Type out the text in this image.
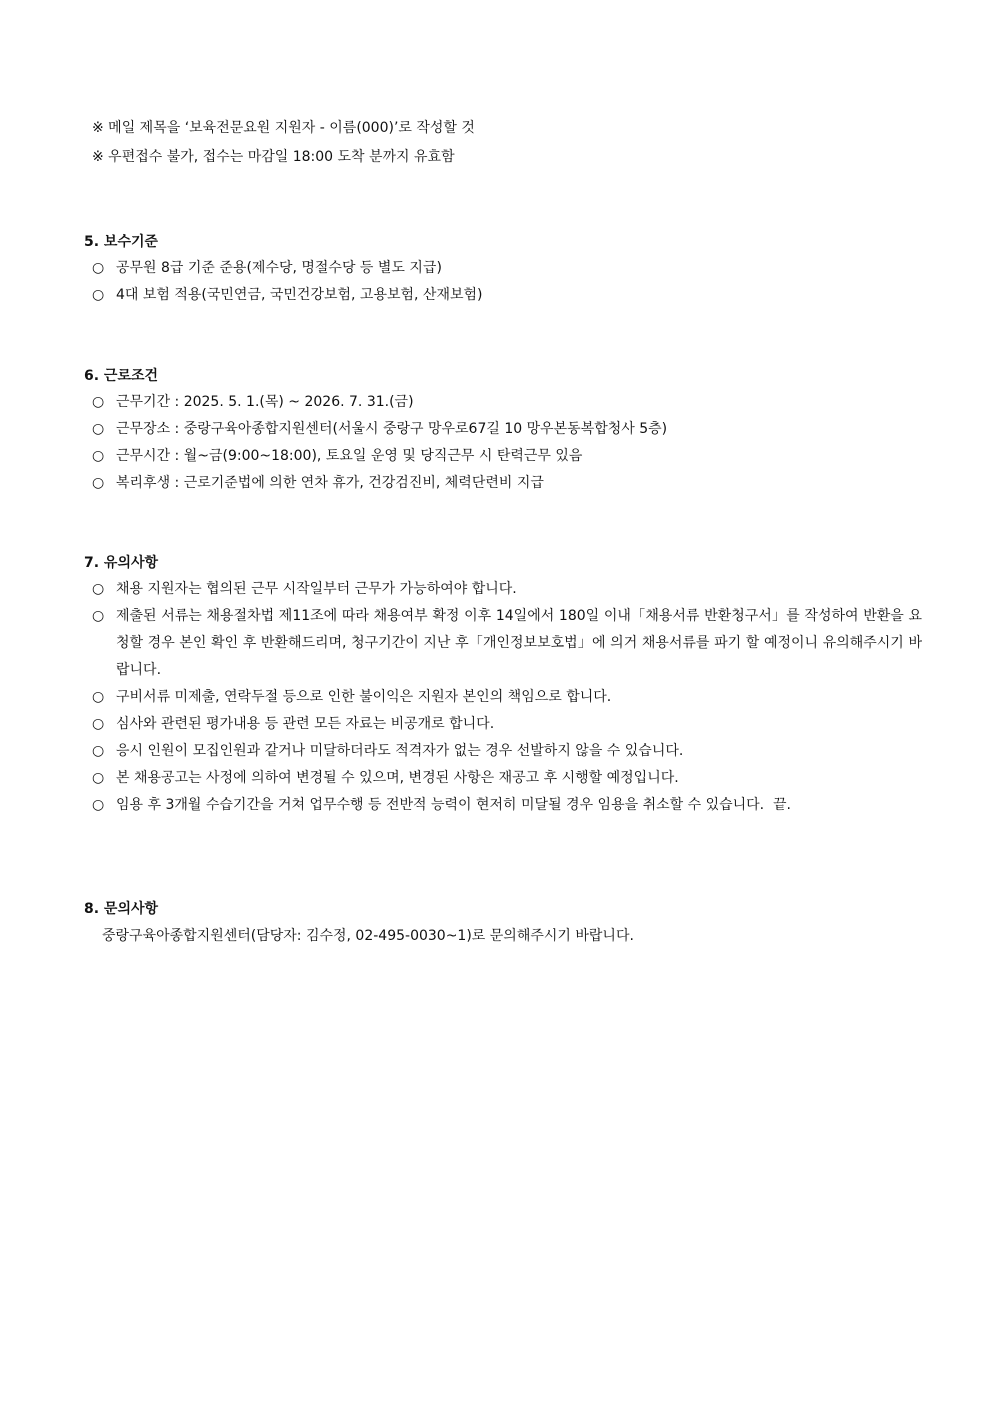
※ 메일 제목을 ‘보육전문요원 지원자 - 이름(000)’로 작성할 것
※ 우편접수 불가, 접수는 마감일 18:00 도착 분까지 유효함
5. 보수기준
○ 공무원 8급 기준 준용(제수당, 명절수당 등 별도 지급)
○ 4대 보험 적용(국민연금, 국민건강보험, 고용보험, 산재보험)
6. 근로조건
○ 근무기간 : 2025. 5. 1.(목) ~ 2026. 7. 31.(금)
○ 근무장소 : 중랑구육아종합지원센터(서울시 중랑구 망우로67길 10 망우본동복합청사 5층)
○ 근무시간 : 월~금(9:00~18:00), 토요일 운영 및 당직근무 시 탄력근무 있음
○ 복리후생 : 근로기준법에 의한 연차 휴가, 건강검진비, 체력단련비 지급
7. 유의사항
○ 채용 지원자는 협의된 근무 시작일부터 근무가 가능하여야 합니다.
○ 제출된 서류는 채용절차법 제11조에 따라 채용여부 확정 이후 14일에서 180일 이내「채용서류 반환청구서」를 작성하여 반환을 요청할 경우 본인 확인 후 반환해드리며, 청구기간이 지난 후「개인정보보호법」에 의거 채용서류를 파기 할 예정이니 유의해주시기 바랍니다.
○ 구비서류 미제출, 연락두절 등으로 인한 불이익은 지원자 본인의 책임으로 합니다.
○ 심사와 관련된 평가내용 등 관련 모든 자료는 비공개로 합니다.
○ 응시 인원이 모집인원과 같거나 미달하더라도 적격자가 없는 경우 선발하지 않을 수 있습니다.
○ 본 채용공고는 사정에 의하여 변경될 수 있으며, 변경된 사항은 재공고 후 시행할 예정입니다.
○ 임용 후 3개월 수습기간을 거쳐 업무수행 등 전반적 능력이 현저히 미달될 경우 임용을 취소할 수 있습니다.  끝.
8. 문의사항
중랑구육아종합지원센터(담당자: 김수정, 02-495-0030~1)로 문의해주시기 바랍니다.
